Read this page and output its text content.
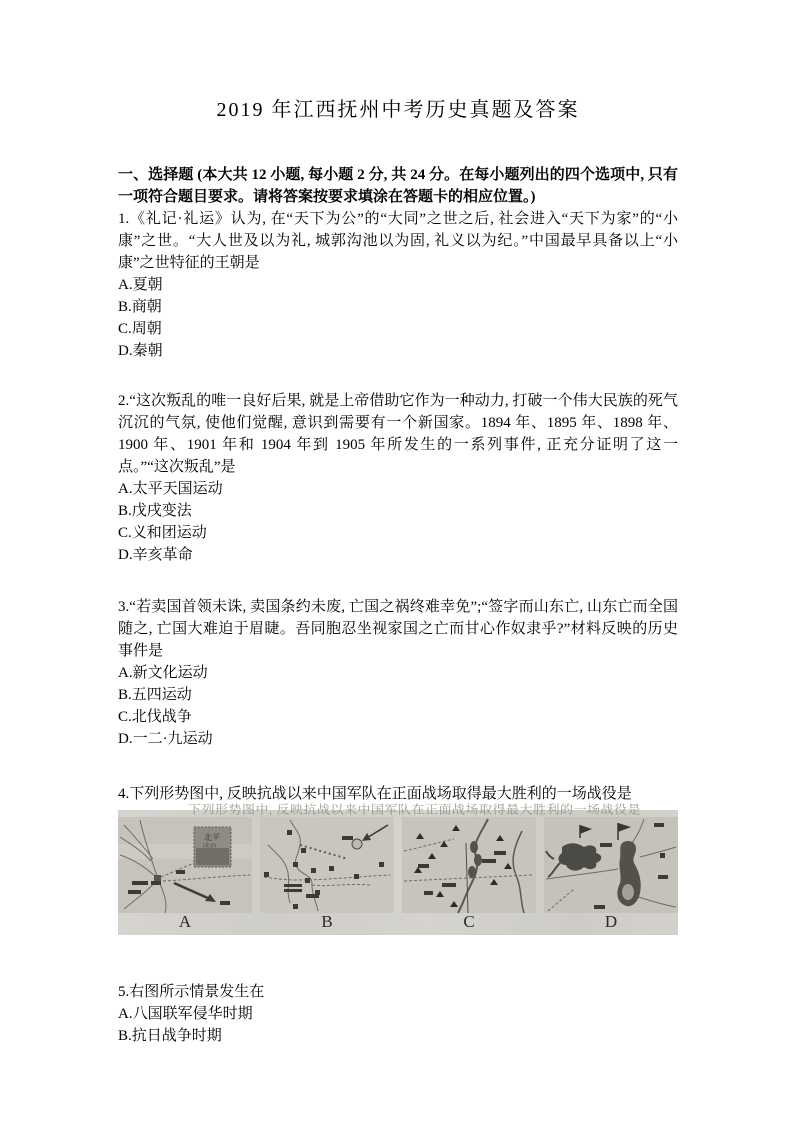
2019 年江西抚州中考历史真题及答案

一、选择题 (本大共 12 小题, 每小题 2 分, 共 24 分。在每小题列出的四个选项中, 只有一项符合题目要求。请将答案按要求填涂在答题卡的相应位置。)

1.《礼记·礼运》认为, 在“天下为公”的“大同”之世之后, 社会进入“天下为家”的“小康”之世。“大人世及以为礼, 城郭沟池以为固, 礼义以为纪。”中国最早具备以上“小康”之世特征的王朝是

A.夏朝
B.商朝
C.周朝
D.秦朝

2.“这次叛乱的唯一良好后果, 就是上帝借助它作为一种动力, 打破一个伟大民族的死气沉沉的气氛, 使他们觉醒, 意识到需要有一个新国家。1894 年、1895 年、1898 年、1900 年、1901 年和 1904 年到 1905 年所发生的一系列事件, 正充分证明了这一点。”“这次叛乱”是

A.太平天国运动
B.戊戌变法
C.义和团运动
D.辛亥革命

3.“若卖国首领未诛, 卖国条约未废, 亡国之祸终难幸免”;“签字而山东亡, 山东亡而全国随之, 亡国大难迫于眉睫。吾同胞忍坐视家国之亡而甘心作奴隶乎?”材料反映的历史事件是

A.新文化运动
B.五四运动
C.北伐战争
D.一二·九运动

4.下列形势图中, 反映抗战以来中国军队在正面战场取得最大胜利的一场战役是

下列形势图中, 反映抗战以来中国军队在正面战场取得最大胜利的一场战役是
北平
(北京)
A	B	C	D

5.右图所示情景发生在

A.八国联军侵华时期
B.抗日战争时期
